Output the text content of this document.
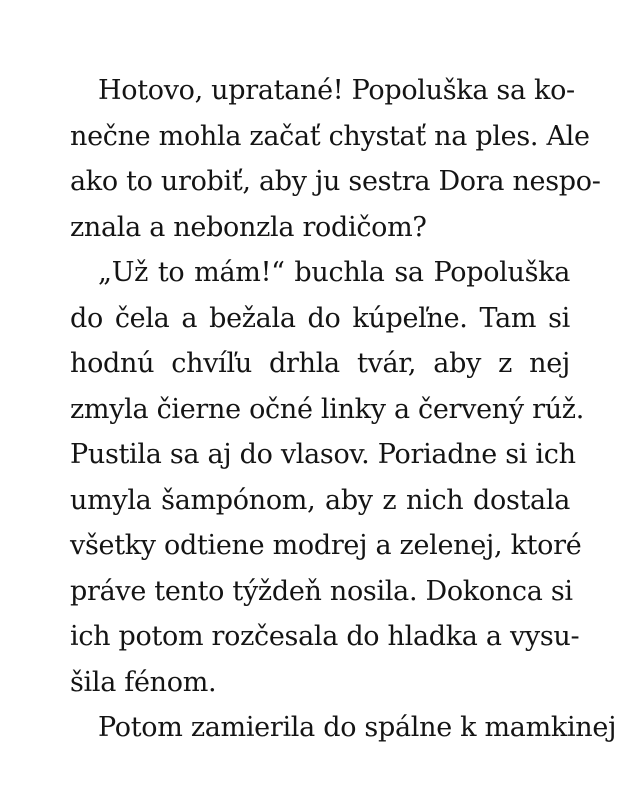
Hotovo, upratané! Popoluška sa ko-
nečne mohla začať chystať na ples. Ale
ako to urobiť, aby ju sestra Dora nespo-
znala a nebonzla rodičom?
„Už to mám!“ buchla sa Popoluška
do čela a bežala do kúpeľne. Tam si
hodnú chvíľu drhla tvár, aby z nej
zmyla čierne očné linky a červený rúž.
Pustila sa aj do vlasov. Poriadne si ich
umyla šampónom, aby z nich dostala
všetky odtiene modrej a zelenej, ktoré
práve tento týždeň nosila. Dokonca si
ich potom rozčesala do hladka a vysu-
šila fénom.
Potom zamierila do spálne k mamkinej
